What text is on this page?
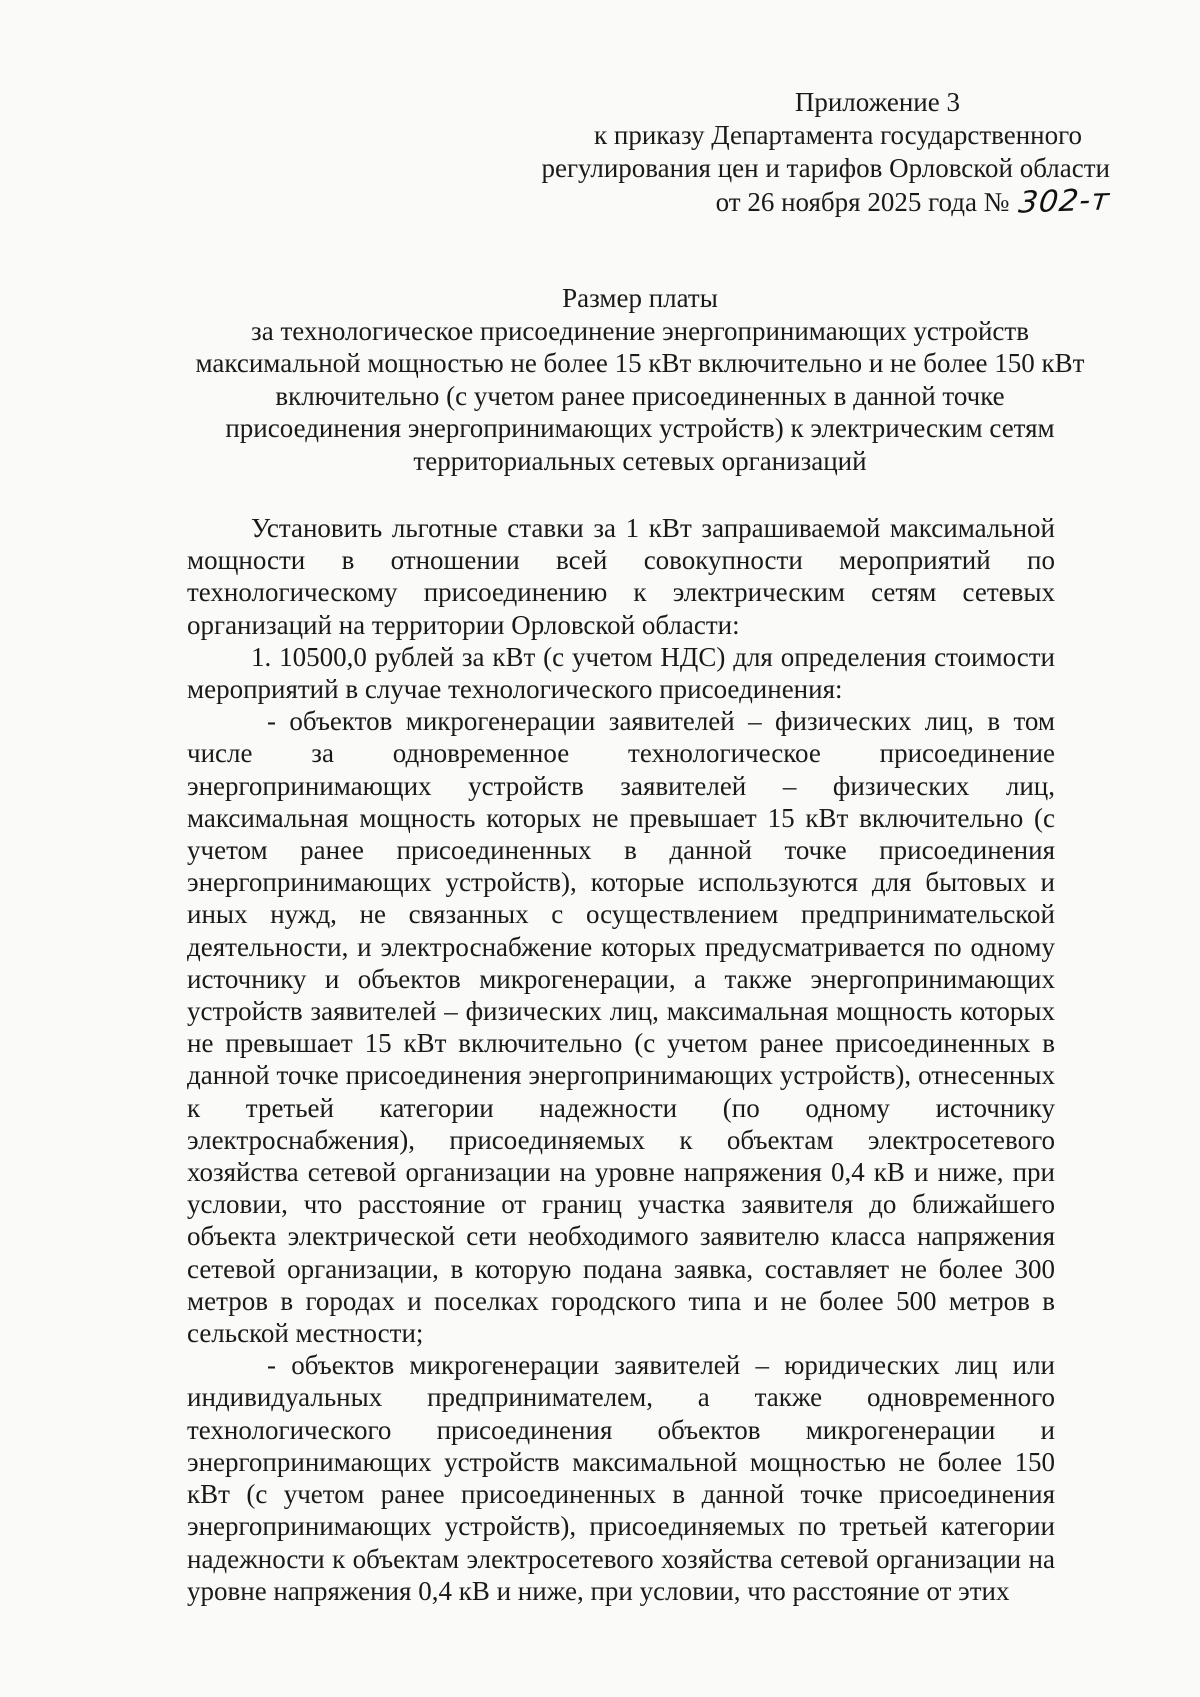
Приложение 3
к приказу Департамента государственного
регулирования цен и тарифов Орловской области
от 26 ноября 2025 года № 302-т
Размер платы
за технологическое присоединение энергопринимающих устройств
максимальной мощностью не более 15 кВт включительно и не более 150 кВт
включительно (с учетом ранее присоединенных в данной точке
присоединения энергопринимающих устройств) к электрическим сетям
территориальных сетевых организаций

Установить льготные ставки за 1 кВт запрашиваемой максимальной мощности в отношении всей совокупности мероприятий по технологическому присоединению к электрическим сетям сетевых организаций на территории Орловской области:

1. 10500,0 рублей за кВт (с учетом НДС) для определения стоимости мероприятий в случае технологического присоединения:

- объектов микрогенерации заявителей – физических лиц, в том числе за одновременное технологическое присоединение энергопринимающих устройств заявителей – физических лиц, максимальная мощность которых не превышает 15 кВт включительно (с учетом ранее присоединенных в данной точке присоединения энергопринимающих устройств), которые используются для бытовых и иных нужд, не связанных с осуществлением предпринимательской деятельности, и электроснабжение которых предусматривается по одному источнику и объектов микрогенерации, а также энергопринимающих устройств заявителей – физических лиц, максимальная мощность которых не превышает 15 кВт включительно (с учетом ранее присоединенных в данной точке присоединения энергопринимающих устройств), отнесенных к третьей категории надежности (по одному источнику электроснабжения), присоединяемых к объектам электросетевого хозяйства сетевой организации на уровне напряжения 0,4 кВ и ниже, при условии, что расстояние от границ участка заявителя до ближайшего объекта электрической сети необходимого заявителю класса напряжения сетевой организации, в которую подана заявка, составляет не более 300 метров в городах и поселках городского типа и не более 500 метров в сельской местности;

- объектов микрогенерации заявителей – юридических лиц или индивидуальных предпринимателем, а также одновременного технологического присоединения объектов микрогенерации и энергопринимающих устройств максимальной мощностью не более 150 кВт (с учетом ранее присоединенных в данной точке присоединения энергопринимающих устройств), присоединяемых по третьей категории надежности к объектам электросетевого хозяйства сетевой организации на уровне напряжения 0,4 кВ и ниже, при условии, что расстояние от этих
